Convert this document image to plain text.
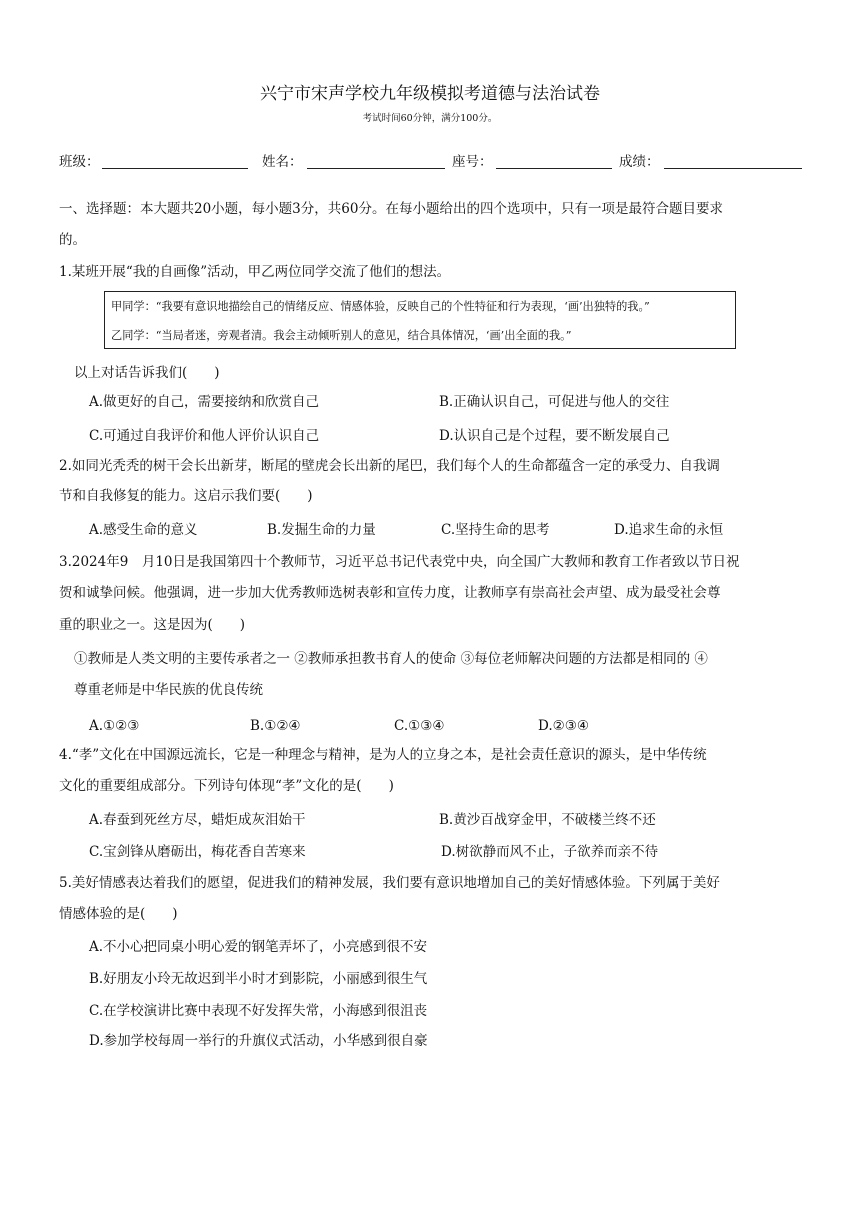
兴宁市宋声学校九年级模拟考道德与法治试卷
考试时间60分钟，满分100分。
班级：	姓名：	座号：	成绩：
一、选择题：本大题共20小题，每小题3分，共60分。在每小题给出的四个选项中，只有一项是最符合题目要求
的。
1.某班开展“我的自画像”活动，甲乙两位同学交流了他们的想法。
甲同学：“我要有意识地描绘自己的情绪反应、情感体验，反映自己的个性特征和行为表现，‘画’出独特的我。”
乙同学：“当局者迷，旁观者清。我会主动倾听别人的意见，结合具体情况，‘画’出全面的我。”
以上对话告诉我们(　　)
A.做更好的自己，需要接纳和欣赏自己	B.正确认识自己，可促进与他人的交往
C.可通过自我评价和他人评价认识自己	D.认识自己是个过程，要不断发展自己
2.如同光秃秃的树干会长出新芽，断尾的壁虎会长出新的尾巴，我们每个人的生命都蕴含一定的承受力、自我调
节和自我修复的能力。这启示我们要(　　)
A.感受生命的意义	B.发掘生命的力量	C.坚持生命的思考	D.追求生命的永恒
3.2024年9　月10日是我国第四十个教师节，习近平总书记代表党中央，向全国广大教师和教育工作者致以节日祝
贺和诚挚问候。他强调，进一步加大优秀教师选树表彰和宣传力度，让教师享有崇高社会声望、成为最受社会尊
重的职业之一。这是因为(　　)
①教师是人类文明的主要传承者之一 ②教师承担教书育人的使命 ③每位老师解决问题的方法都是相同的 ④
尊重老师是中华民族的优良传统
A.①②③	B.①②④	C.①③④	D.②③④
4.“孝”文化在中国源远流长，它是一种理念与精神，是为人的立身之本，是社会责任意识的源头，是中华传统
文化的重要组成部分。下列诗句体现“孝”文化的是(　　)
A.春蚕到死丝方尽，蜡炬成灰泪始干	B.黄沙百战穿金甲，不破楼兰终不还
C.宝剑锋从磨砺出，梅花香自苦寒来	D.树欲静而风不止，子欲养而亲不待
5.美好情感表达着我们的愿望，促进我们的精神发展，我们要有意识地增加自己的美好情感体验。下列属于美好
情感体验的是(　　)
A.不小心把同桌小明心爱的钢笔弄坏了，小亮感到很不安
B.好朋友小玲无故迟到半小时才到影院，小丽感到很生气
C.在学校演讲比赛中表现不好发挥失常，小海感到很沮丧
D.参加学校每周一举行的升旗仪式活动，小华感到很自豪
